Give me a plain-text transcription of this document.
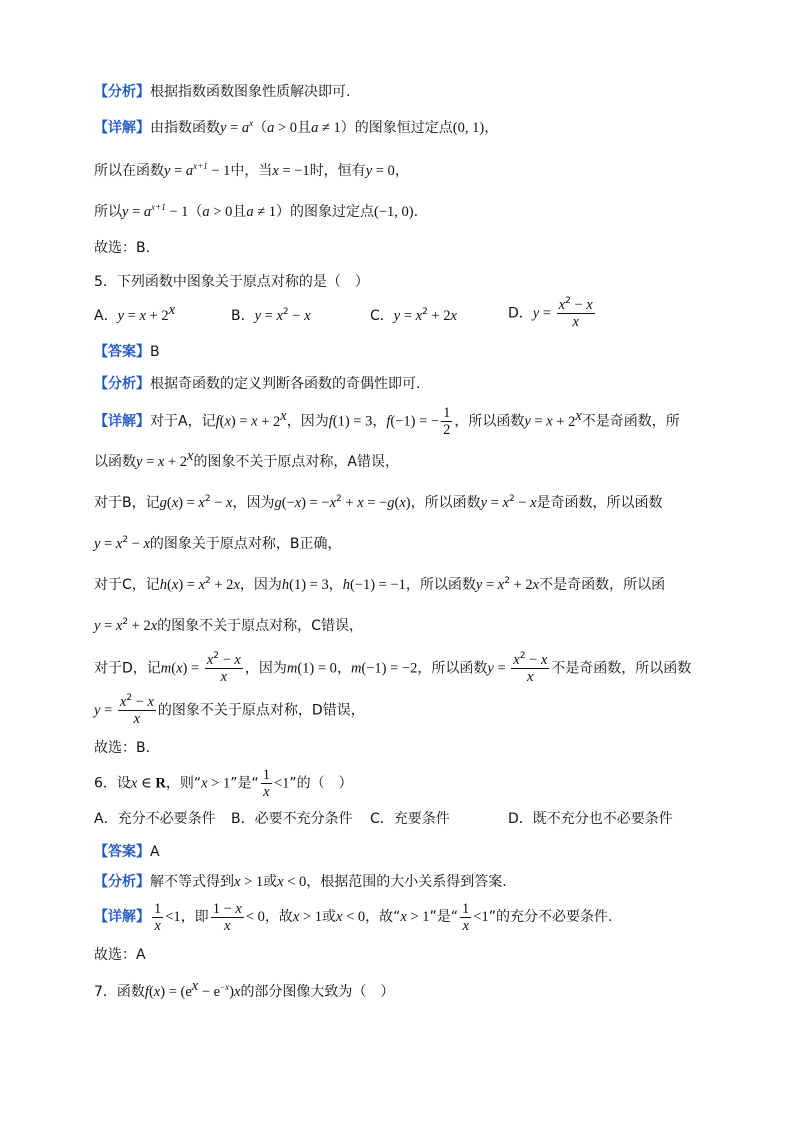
【分析】根据指数函数图象性质解决即可.
【详解】由指数函数$y = a^x(a > 0$且a ≠ 1）的图象恒过定点(0, 1)，
所以在函数$y = a^{x+1} - 1$中，当x = −1时，恒有y = 0，
所以$y = a^{x+1} - 1(a > 0$且a ≠ 1）的图象过定点(−1, 0).
故选：B.
5．下列函数中图象关于原点对称的是（　）
A．$y = x + 2^x$	B．$y = x^2 - x$	C．$y = x^2 + 2x$	D．$y = \frac{x^2 - x}{x}$
【答案】B
【分析】根据奇函数的定义判断各函数的奇偶性即可.
【详解】对于A，记$f(x) = x + 2^x$，因为f(1) = 3，f(−1) = − $\frac{1}{2}$ ，所以函数$y = x + 2^x$不是奇函数，所
以函数$y = x + 2^x$的图象不关于原点对称，A错误，
对于B，记$g(x) = x^2 - x$，因为$g(-x) = -x^2 + x = -g(x)$，所以函数$y = x^2 - x$是奇函数，所以函数
$y = x^2 - x$的图象关于原点对称，B正确，
对于C，记$h(x) = x^2 + 2x$，因为h(1) = 3，h(−1) = −1，所以函数$y = x^2 + 2x$不是奇函数，所以函
$y = x^2 + 2x$的图象不关于原点对称，C错误，
对于D，记$m(x) = \frac{x^2 - x}{x}$ ，因为m(1) = 0，m(−1) = −2，所以函数$y = \frac{x^2 - x}{x}$ 不是奇函数，所以函数
$y = \frac{x^2 - x}{x}$ 的图象不关于原点对称，D错误，
故选：B.
6．设x ∈ R，则“x > 1”是“ $\frac{1}{x} <1$”的（　）
A．充分不必要条件 B．必要不充分条件 C．充要条件	D．既不充分也不必要条件
【答案】A
【分析】解不等式得到x > 1或x < 0，根据范围的大小关系得到答案.
【详解】 $\frac{1}{x} <1$，即 $\frac{1 - x}{x} < 0$，故x > 1或x < 0，故“x > 1”是“ $\frac{1}{x} <1$”的充分不必要条件.
故选：A
7．函数$f(x) = (e^x - e^{-x})x$的部分图像大致为（　）
